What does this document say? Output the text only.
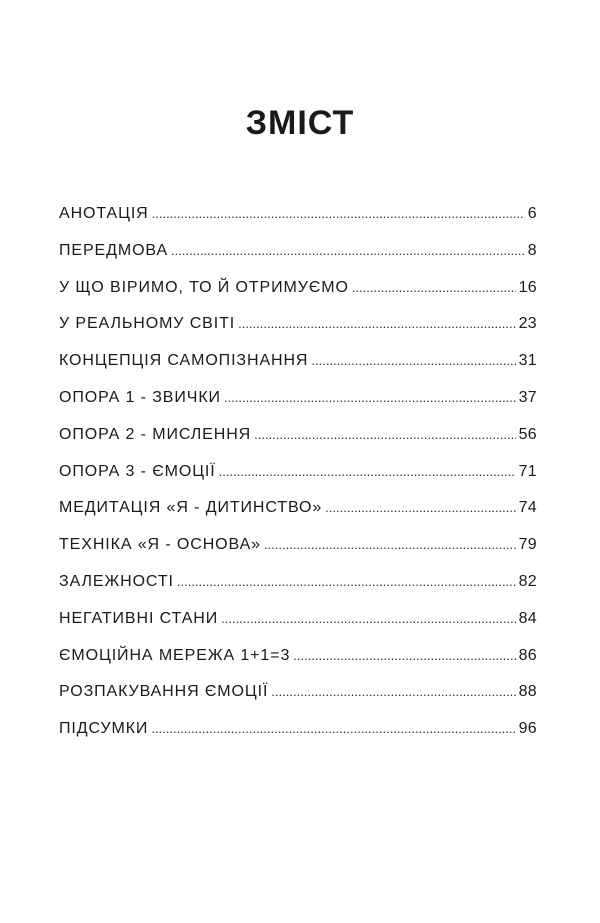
ЗМІСТ
АНОТАЦІЯ .....	6
ПЕРЕДМОВА .....	8
У ЩО ВІРИМО, ТО Й ОТРИМУЄМО .....	16
У РЕАЛЬНОМУ СВІТІ .....	23
КОНЦЕПЦІЯ САМОПІЗНАННЯ .....	31
ОПОРА 1 - ЗВИЧКИ .....	37
ОПОРА 2 - МИСЛЕННЯ .....	56
ОПОРА 3 - ЄМОЦІЇ .....	71
МЕДИТАЦІЯ «Я - ДИТИНСТВО» .....	74
ТЕХНІКА «Я - ОСНОВА» .....	79
ЗАЛЕЖНОСТІ .....	82
НЕГАТИВНІ СТАНИ .....	84
ЄМОЦІЙНА МЕРЕЖА 1+1=3 .....	86
РОЗПАКУВАННЯ ЄМОЦІЇ .....	88
ПІДСУМКИ .....	96
